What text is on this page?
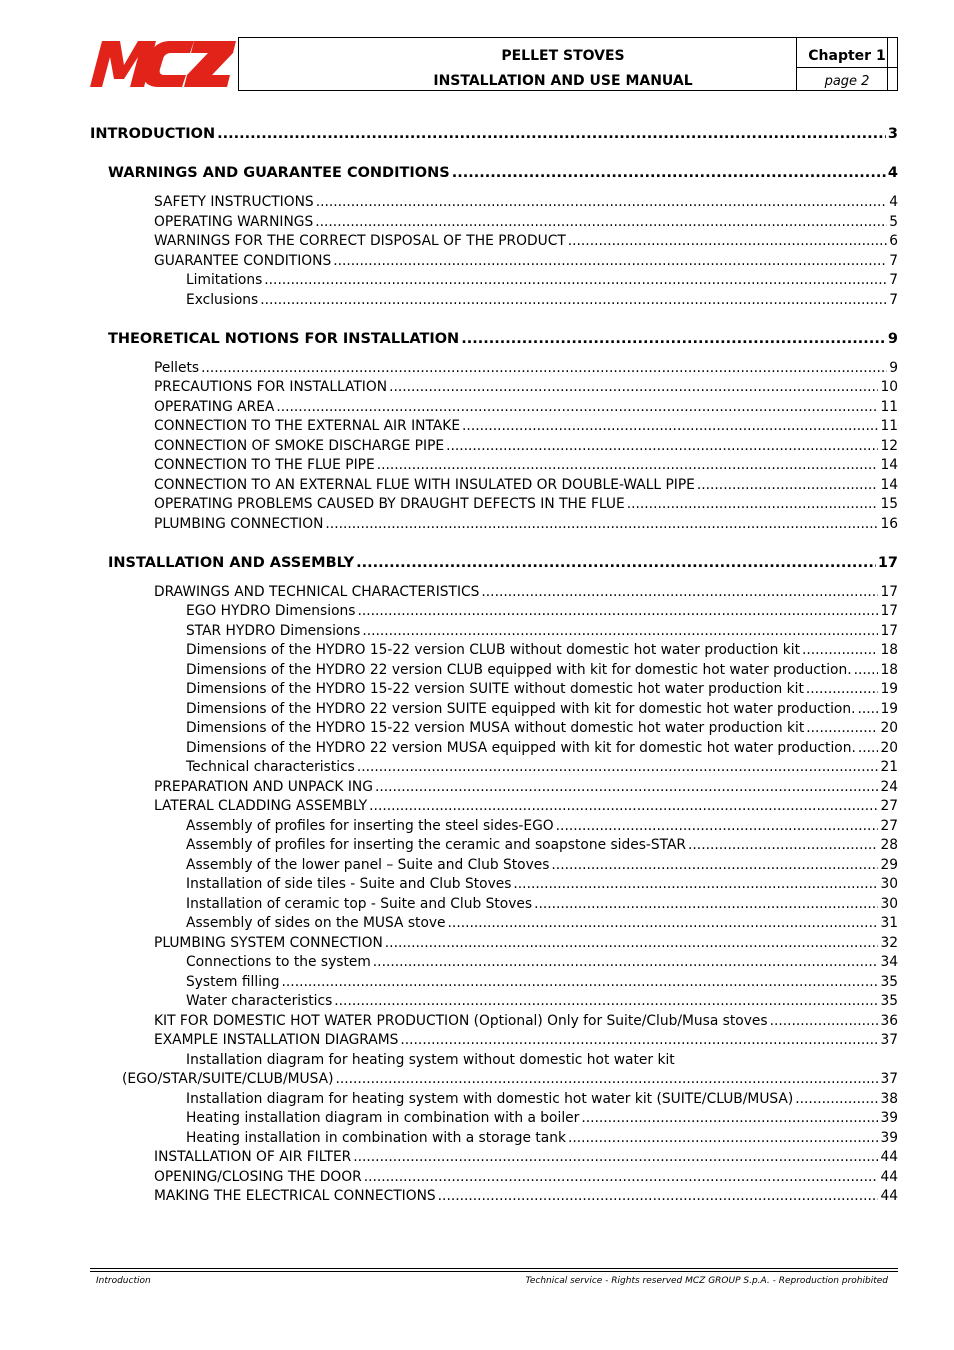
PELLET STOVES
INSTALLATION AND USE MANUAL
Chapter 1
page 2
INTRODUCTION .....	3
WARNINGS AND GUARANTEE CONDITIONS .....	4
SAFETY INSTRUCTIONS .....	4
OPERATING WARNINGS .....	5
WARNINGS FOR THE CORRECT DISPOSAL OF THE PRODUCT .....	6
GUARANTEE CONDITIONS .....	7
Limitations .....	7
Exclusions .....	7
THEORETICAL NOTIONS FOR INSTALLATION .....	9
Pellets .....	9
PRECAUTIONS FOR INSTALLATION .....	10
OPERATING AREA .....	11
CONNECTION TO THE EXTERNAL AIR INTAKE .....	11
CONNECTION OF SMOKE DISCHARGE PIPE .....	12
CONNECTION TO THE FLUE PIPE .....	14
CONNECTION TO AN EXTERNAL FLUE WITH INSULATED OR DOUBLE-WALL PIPE .....	14
OPERATING PROBLEMS CAUSED BY DRAUGHT DEFECTS IN THE FLUE .....	15
PLUMBING CONNECTION .....	16
INSTALLATION AND ASSEMBLY .....	17
DRAWINGS AND TECHNICAL CHARACTERISTICS .....	17
EGO HYDRO Dimensions .....	17
STAR HYDRO Dimensions .....	17
Dimensions of the HYDRO 15-22 version CLUB without domestic hot water production kit .....	18
Dimensions of the HYDRO 22 version CLUB equipped with kit for domestic hot water production. ..... 18
Dimensions of the HYDRO 15-22 version SUITE without domestic hot water production kit .....	19
Dimensions of the HYDRO 22 version SUITE equipped with kit for domestic hot water production. ..... 19
Dimensions of the HYDRO 15-22 version MUSA without domestic hot water production kit .....	20
Dimensions of the HYDRO 22 version MUSA equipped with kit for domestic hot water production. ..... 20
Technical characteristics .....	21
PREPARATION AND UNPACK ING .....	24
LATERAL CLADDING ASSEMBLY .....	27
Assembly of profiles for inserting the steel sides-EGO .....	27
Assembly of profiles for inserting the ceramic and soapstone sides-STAR .....	28
Assembly of the lower panel – Suite and Club Stoves .....	29
Installation of side tiles - Suite and Club Stoves .....	30
Installation of ceramic top - Suite and Club Stoves .....	30
Assembly of sides on the MUSA stove .....	31
PLUMBING SYSTEM CONNECTION .....	32
Connections to the system .....	34
System filling .....	35
Water characteristics .....	35
KIT FOR DOMESTIC HOT WATER PRODUCTION (Optional) Only for Suite/Club/Musa stoves .....	36
EXAMPLE INSTALLATION DIAGRAMS .....	37
Installation diagram for heating system without domestic hot water kit
(EGO/STAR/SUITE/CLUB/MUSA) .....	37
Installation diagram for heating system with domestic hot water kit (SUITE/CLUB/MUSA) .....	38
Heating installation diagram in combination with a boiler .....	39
Heating installation in combination with a storage tank .....	39
INSTALLATION OF AIR FILTER .....	44
OPENING/CLOSING THE DOOR .....	44
MAKING THE ELECTRICAL CONNECTIONS .....	44
Introduction	Technical service - Rights reserved MCZ GROUP S.p.A. - Reproduction prohibited
